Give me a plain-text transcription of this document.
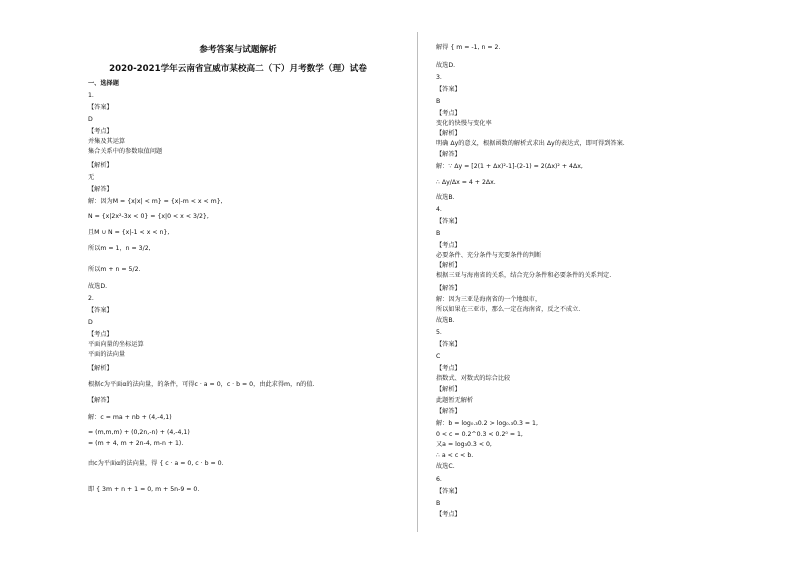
参考答案与试题解析
2020-2021学年云南省宣威市某校高二（下）月考数学（理）试卷
一、选择题
1.
【答案】
D
【考点】
并集及其运算
集合关系中的参数取值问题
【解析】
无
【解答】
解：因为M = {x|x| < m} = {x|-m < x < m},
N = {x|2x²-3x < 0} = {x|0 < x < 3/2},
且M ∪ N = {x|-1 < x < n},
所以m = 1，n = 3/2,
所以m + n = 5/2.
故选D.
2.
【答案】
D
【考点】
平面向量的坐标运算
平面的法向量
【解析】
根据c为平面α的法向量，的条件，可得c · a = 0，c · b = 0，由此求得m，n的值.
【解答】
解：c = ma + nb + (4,-4,1)
= (m,m,m) + (0,2n,-n) + (4,-4,1)
= (m + 4, m + 2n-4, m-n + 1).
由c为平面α的法向量，得 { c · a = 0, c · b = 0.
即 { 3m + n + 1 = 0, m + 5n-9 = 0.
解得 { m = -1, n = 2.
故选D.
3.
【答案】
B
【考点】
变化的快慢与变化率
【解析】
明确 Δy的意义，根据函数的解析式求出 Δy的表达式，即可得到答案.
【解答】
解：∵ Δy = [2(1 + Δx)²-1]-(2-1) = 2(Δx)² + 4Δx,
∴ Δy/Δx = 4 + 2Δx.
故选B.
4.
【答案】
B
【考点】
必要条件、充分条件与充要条件的判断
【解析】
根据三亚与海南省的关系，结合充分条件和必要条件的关系判定.
【解答】
解：因为三亚是海南省的一个地级市，
所以如果在三亚市，那么一定在海南省，反之不成立.
故选B.
5.
【答案】
C
【考点】
指数式、对数式的综合比较
【解析】
此题暂无解析
【解答】
解：b = log₀.₃0.2 > log₀.₃0.3 = 1,
0 < c = 0.2^0.3 < 0.2⁰ = 1,
又a = log₃0.3 < 0,
∴ a < c < b.
故选C.
6.
【答案】
B
【考点】
